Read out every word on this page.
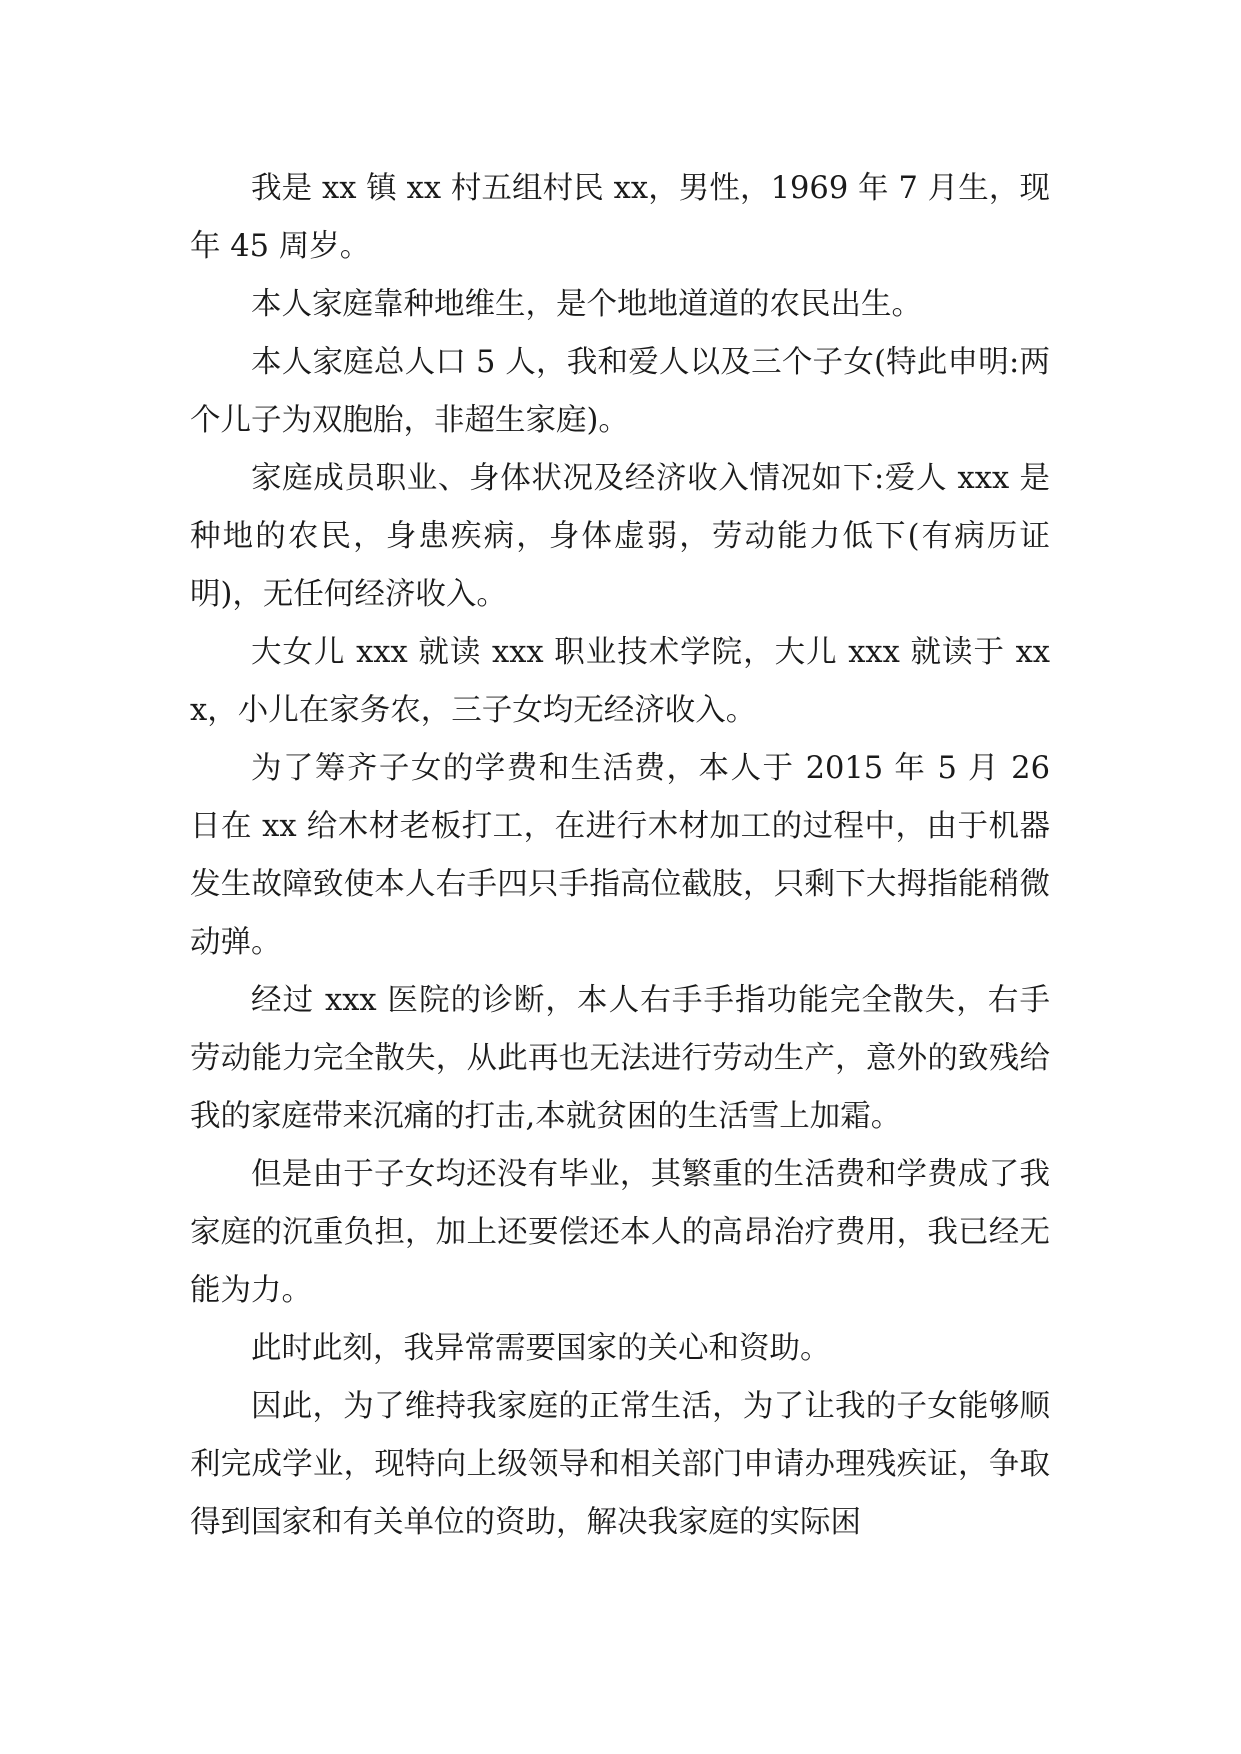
我是 xx 镇 xx 村五组村民 xx，男性，1969 年 7 月生，现年 45 周岁。

本人家庭靠种地维生，是个地地道道的农民出生。

本人家庭总人口 5 人，我和爱人以及三个子女(特此申明:两个儿子为双胞胎，非超生家庭)。

家庭成员职业、身体状况及经济收入情况如下:爱人 xxx 是种地的农民，身患疾病，身体虚弱，劳动能力低下(有病历证明)，无任何经济收入。

大女儿 xxx 就读 xxx 职业技术学院，大儿 xxx 就读于 xxx，小儿在家务农，三子女均无经济收入。

为了筹齐子女的学费和生活费，本人于 2015 年 5 月 26 日在 xx 给木材老板打工，在进行木材加工的过程中，由于机器发生故障致使本人右手四只手指高位截肢，只剩下大拇指能稍微动弹。

经过 xxx 医院的诊断，本人右手手指功能完全散失，右手劳动能力完全散失，从此再也无法进行劳动生产，意外的致残给我的家庭带来沉痛的打击,本就贫困的生活雪上加霜。

但是由于子女均还没有毕业，其繁重的生活费和学费成了我家庭的沉重负担，加上还要偿还本人的高昂治疗费用，我已经无能为力。

此时此刻，我异常需要国家的关心和资助。

因此，为了维持我家庭的正常生活，为了让我的子女能够顺利完成学业，现特向上级领导和相关部门申请办理残疾证，争取得到国家和有关单位的资助，解决我家庭的实际困
